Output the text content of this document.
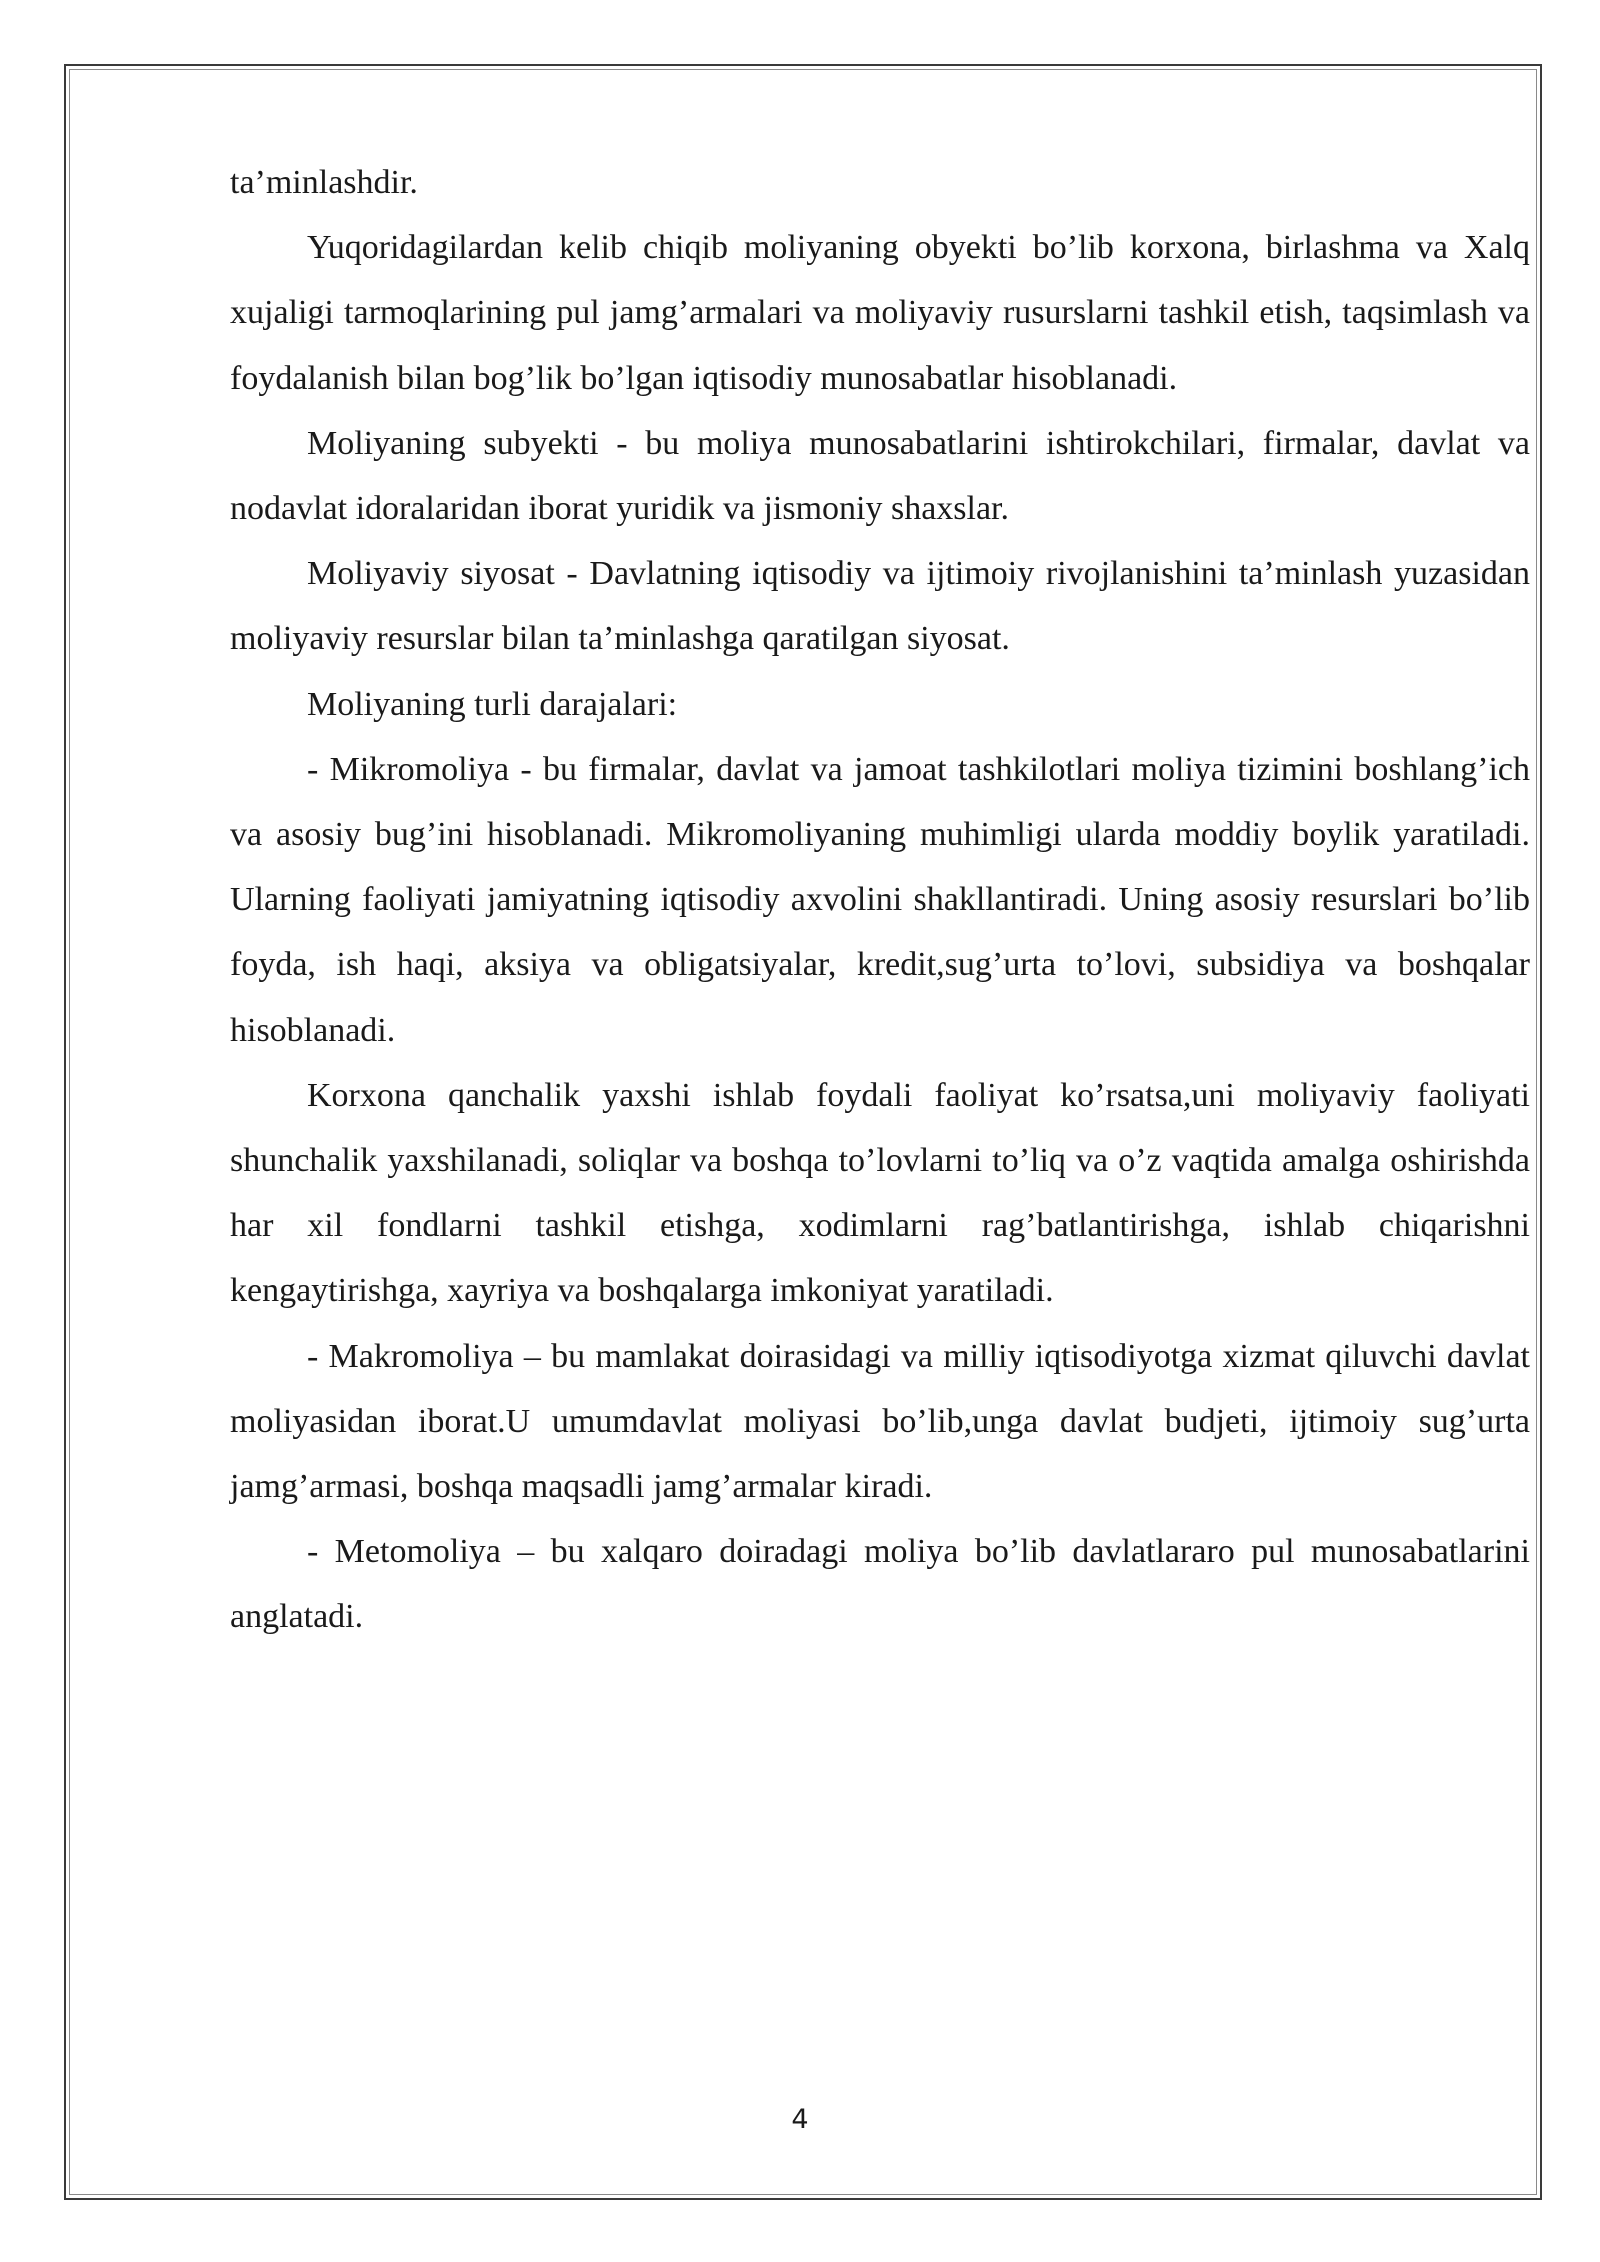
ta’minlashdir.

Yuqoridagilardan kelib chiqib moliyaning obyekti bo’lib korxona, birlashma va Xalq xujaligi tarmoqlarining pul jamg’armalari va moliyaviy rusurslarni tashkil etish, taqsimlash va foydalanish bilan bog’lik bo’lgan iqtisodiy munosabatlar hisoblanadi.

Moliyaning subyekti - bu moliya munosabatlarini ishtirokchilari, firmalar, davlat va nodavlat idoralaridan iborat yuridik va jismoniy shaxslar.

Moliyaviy siyosat - Davlatning iqtisodiy va ijtimoiy rivojlanishini ta’minlash yuzasidan moliyaviy resurslar bilan ta’minlashga qaratilgan siyosat.

Moliyaning turli darajalari:

- Mikromoliya - bu firmalar, davlat va jamoat tashkilotlari moliya tizimini boshlang’ich va asosiy bug’ini hisoblanadi. Mikromoliyaning muhimligi ularda moddiy boylik yaratiladi. Ularning faoliyati jamiyatning iqtisodiy axvolini shakllantiradi. Uning asosiy resurslari bo’lib foyda, ish haqi, aksiya va obligatsiyalar, kredit,sug’urta to’lovi, subsidiya va boshqalar hisoblanadi.

Korxona qanchalik yaxshi ishlab foydali faoliyat ko’rsatsa,uni moliyaviy faoliyati shunchalik yaxshilanadi, soliqlar va boshqa to’lovlarni to’liq va o’z vaqtida amalga oshirishda har xil fondlarni tashkil etishga, xodimlarni rag’batlantirishga, ishlab chiqarishni kengaytirishga, xayriya va boshqalarga imkoniyat yaratiladi.

- Makromoliya – bu mamlakat doirasidagi va milliy iqtisodiyotga xizmat qiluvchi davlat moliyasidan iborat.U umumdavlat moliyasi bo’lib,unga davlat budjeti, ijtimoiy sug’urta jamg’armasi, boshqa maqsadli jamg’armalar kiradi.

- Metomoliya – bu xalqaro doiradagi moliya bo’lib davlatlararo pul munosabatlarini anglatadi.

4
